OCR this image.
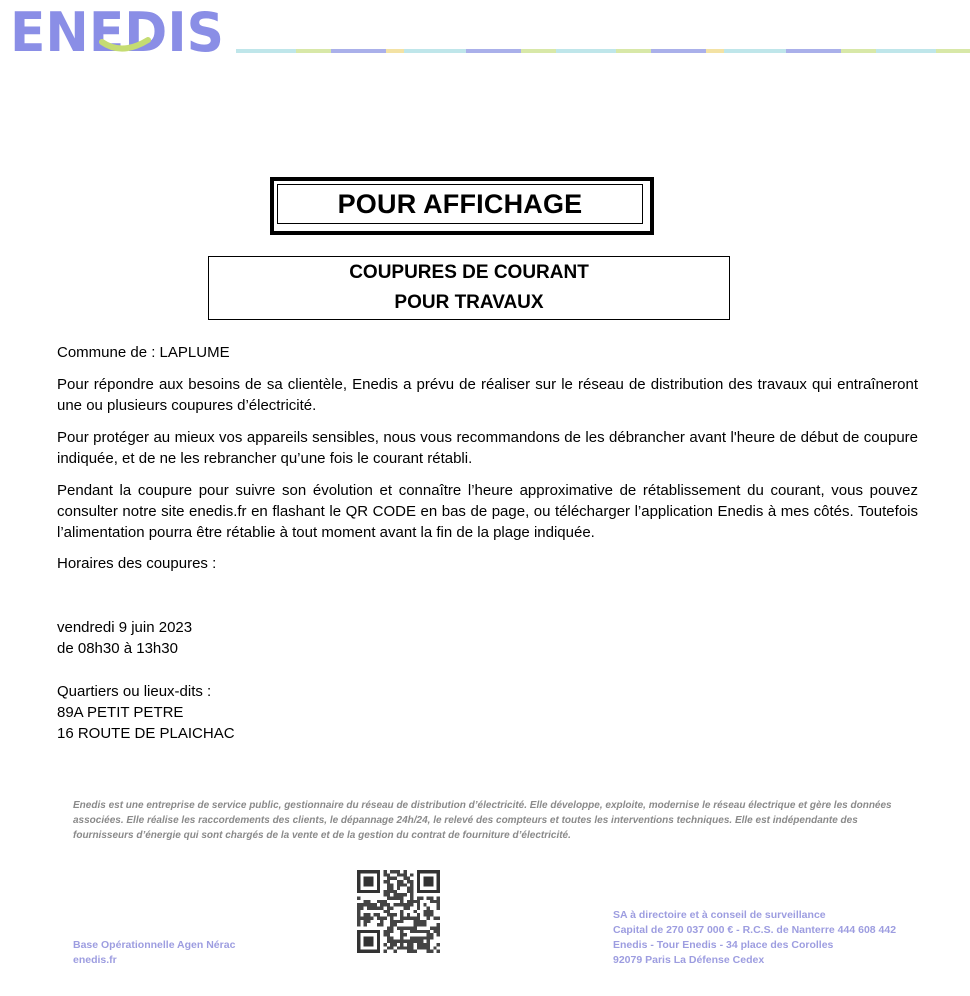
ENEDIS
POUR AFFICHAGE
COUPURES DE COURANT
POUR TRAVAUX
Commune de : LAPLUME
Pour répondre aux besoins de sa clientèle, Enedis a prévu de réaliser sur le réseau de distribution des travaux qui entraîneront une ou plusieurs coupures d’électricité.
Pour protéger au mieux vos appareils sensibles, nous vous recommandons de les débrancher avant l'heure de début de coupure indiquée, et de ne les rebrancher qu’une fois le courant rétabli.
Pendant la coupure pour suivre son évolution et connaître l’heure approximative de rétablissement du courant, vous pouvez consulter notre site enedis.fr en flashant le QR CODE en bas de page, ou télécharger l’application Enedis à mes côtés. Toutefois l’alimentation pourra être rétablie à tout moment avant la fin de la plage indiquée.
Horaires des coupures :
vendredi 9 juin 2023
de 08h30 à 13h30
Quartiers ou lieux-dits :
89A PETIT PETRE
16 ROUTE DE PLAICHAC
Enedis est une entreprise de service public, gestionnaire du réseau de distribution d’électricité. Elle développe, exploite, modernise le réseau électrique et gère les données associées. Elle réalise les raccordements des clients, le dépannage 24h/24, le relevé des compteurs et toutes les interventions techniques. Elle est indépendante des fournisseurs d’énergie qui sont chargés de la vente et de la gestion du contrat de fourniture d’électricité.
Base Opérationnelle Agen Nérac
enedis.fr
SA à directoire et à conseil de surveillance
Capital de 270 037 000 € - R.C.S. de Nanterre 444 608 442
Enedis - Tour Enedis - 34 place des Corolles
92079 Paris La Défense Cedex
